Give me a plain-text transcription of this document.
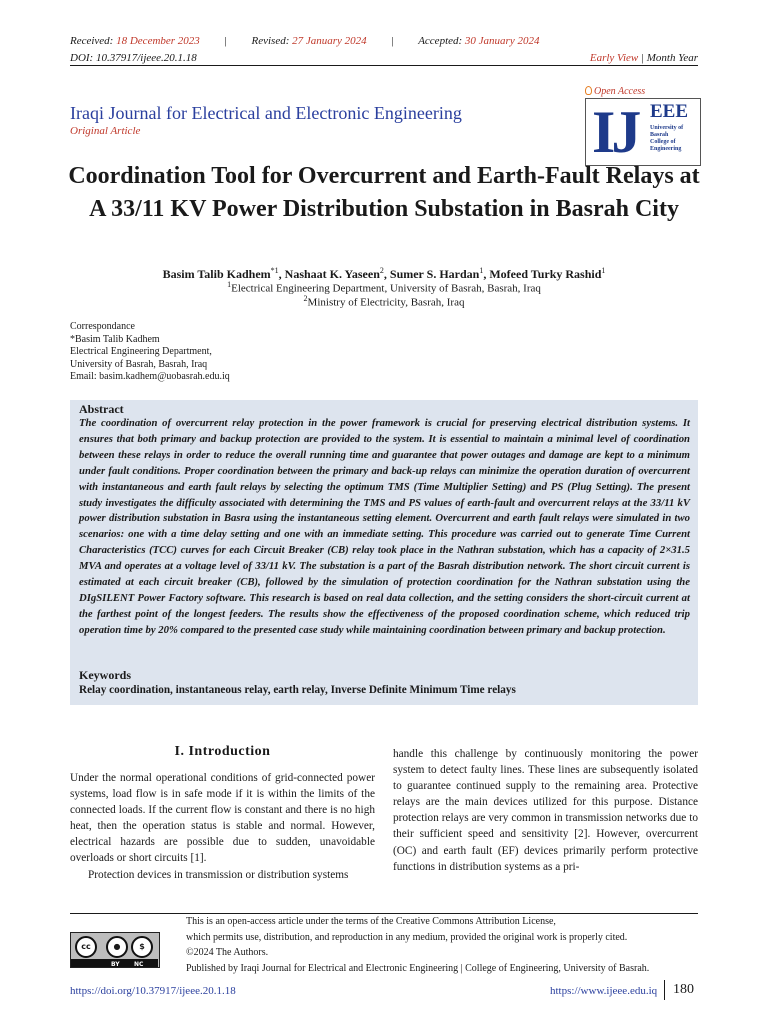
Received: 18 December 2023 | Revised: 27 January 2024 | Accepted: 30 January 2024
DOI: 10.37917/ijeee.20.1.18	Early View | Month Year
Open Access
Iraqi Journal for Electrical and Electronic Engineering
Original Article	IJ EEE
University of
Basrah
College of
Engineering
Coordination Tool for Overcurrent and Earth-Fault Relays at A 33/11 KV Power Distribution Substation in Basrah City
Basim Talib Kadhem$^{*1}$, Nashaat K. Yaseen$^2$, Sumer S. Hardan$^1$, Mofeed Turky Rashid$^1$
$^1$Electrical Engineering Department, University of Basrah, Basrah, Iraq
$^2$Ministry of Electricity, Basrah, Iraq
Correspondance
*Basim Talib Kadhem
Electrical Engineering Department,
University of Basrah, Basrah, Iraq
Email: basim.kadhem@uobasrah.edu.iq
Abstract
The coordination of overcurrent relay protection in the power framework is crucial for preserving electrical distribution systems. It ensures that both primary and backup protection are provided to the system. It is essential to maintain a minimal level of coordination between these relays in order to reduce the overall running time and guarantee that power outages and damage are kept to a minimum under fault conditions. Proper coordination between the primary and back-up relays can minimize the operation duration of overcurrent with instantaneous and earth fault relays by selecting the optimum TMS (Time Multiplier Setting) and PS (Plug Setting). The present study investigates the difficulty associated with determining the TMS and PS values of earth-fault and overcurrent relays at the 33/11 kV power distribution substation in Basra using the instantaneous setting element. Overcurrent and earth fault relays were simulated in two scenarios: one with a time delay setting and one with an immediate setting. This procedure was carried out to generate Time Current Characteristics (TCC) curves for each Circuit Breaker (CB) relay took place in the Nathran substation, which has a capacity of 2×31.5 MVA and operates at a voltage level of 33/11 kV. The substation is a part of the Basrah distribution network. The short circuit current is estimated at each circuit breaker (CB), followed by the simulation of protection coordination for the Nathran substation using the DIgSILENT Power Factory software. This research is based on real data collection, and the setting considers the short-circuit current at the farthest point of the longest feeders. The results show the effectiveness of the proposed coordination scheme, which reduced trip operation time by 20% compared to the presented case study while maintaining coordination between primary and backup protection.
Keywords
Relay coordination, instantaneous relay, earth relay, Inverse Definite Minimum Time relays
I. Introduction

Under the normal operational conditions of grid-connected power systems, load flow is in safe mode if it is within the limits of the connected loads. If the current flow is constant and there is no high heat, then the operation status is stable and normal. However, electrical hazards are possible due to sudden, unavoidable overloads or short circuits [1].

Protection devices in transmission or distribution systems

handle this challenge by continuously monitoring the power system to detect faulty lines. These lines are subsequently isolated to guarantee continued supply to the remaining area. Protective relays are the main devices utilized for this purpose. Distance protection relays are very common in transmission networks due to their sufficient speed and sensitivity [2]. However, overcurrent (OC) and earth fault (EF) devices primarily perform protective functions in distribution systems as a pri-

cc	●	$
BY NC
This is an open-access article under the terms of the Creative Commons Attribution License,
which permits use, distribution, and reproduction in any medium, provided the original work is properly cited.
©2024 The Authors.
Published by Iraqi Journal for Electrical and Electronic Engineering | College of Engineering, University of Basrah.
https://doi.org/10.37917/ijeee.20.1.18	https://www.ijeee.edu.iq	180
